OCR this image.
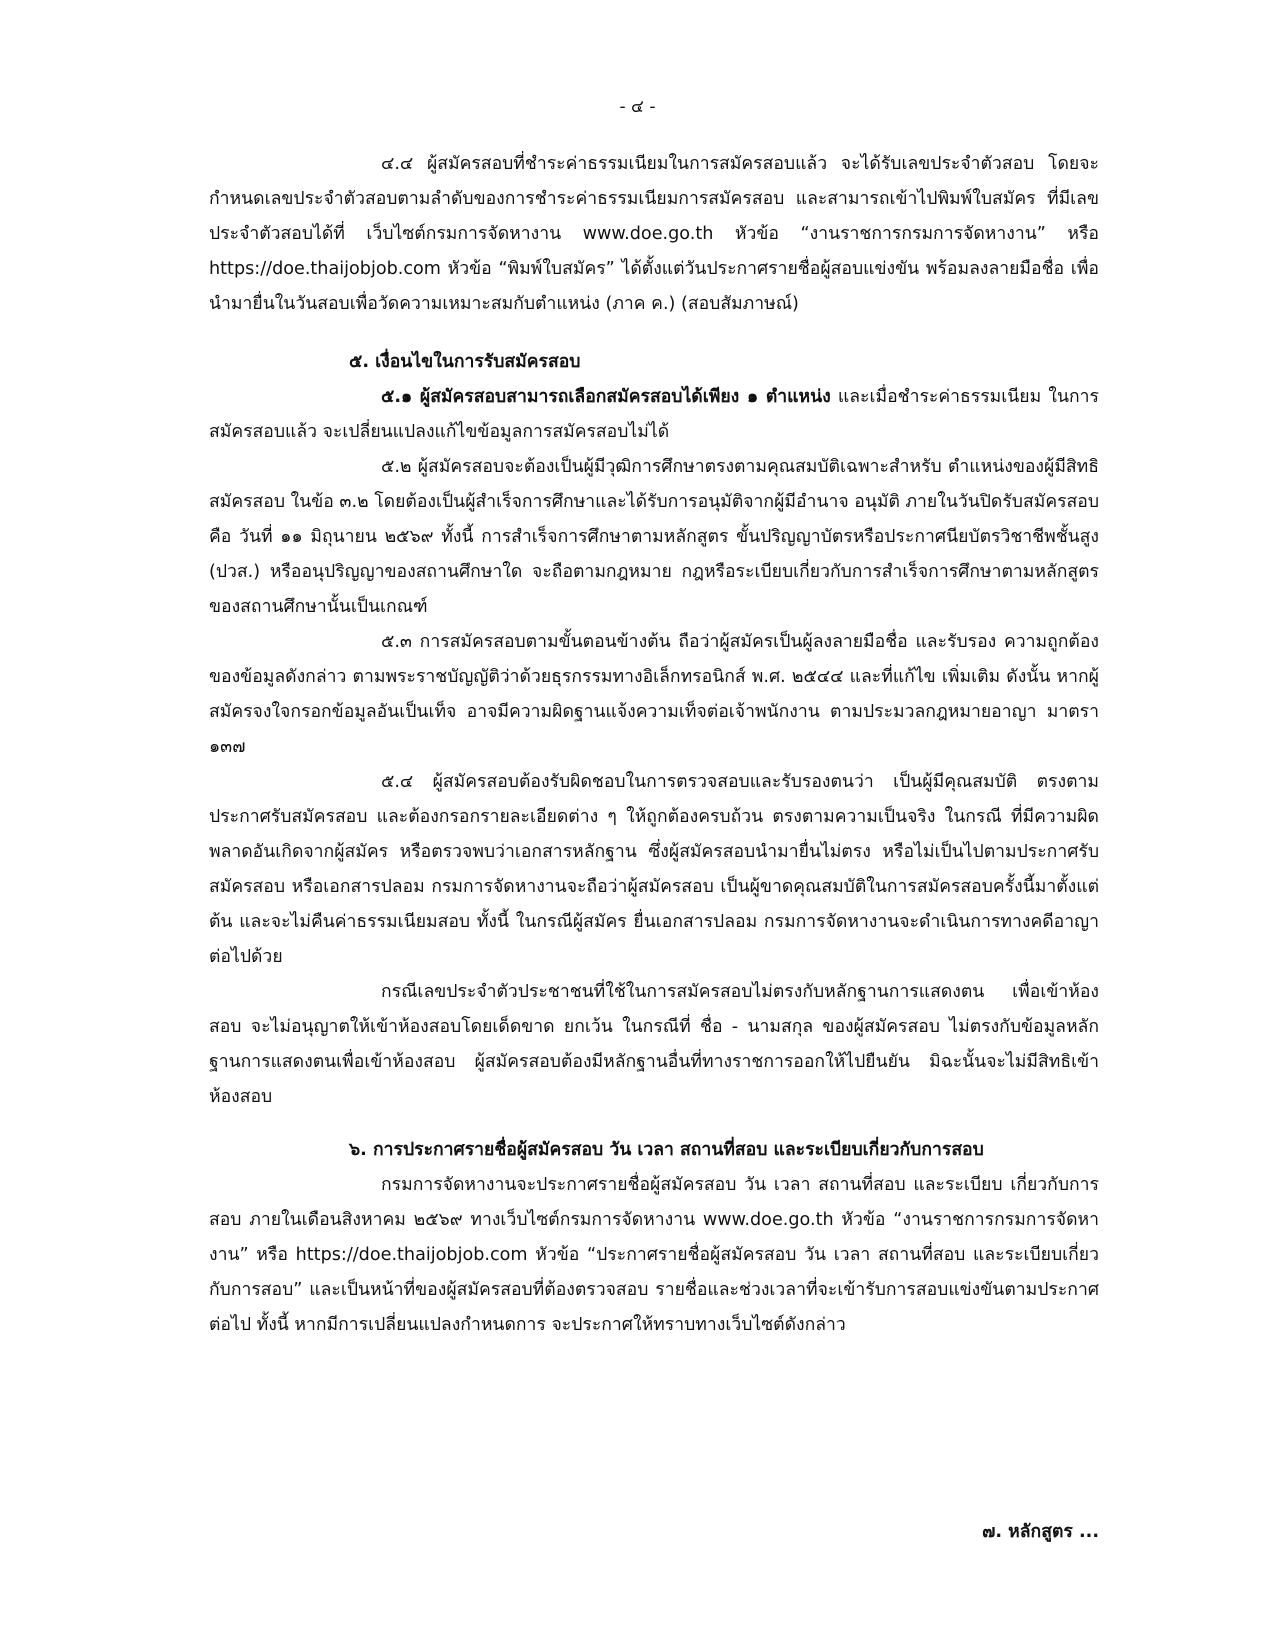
- ๔ -

๔.๔ ผู้สมัครสอบที่ชำระค่าธรรมเนียมในการสมัครสอบแล้ว จะได้รับเลขประจำตัวสอบ โดยจะกำหนดเลขประจำตัวสอบตามลำดับของการชำระค่าธรรมเนียมการสมัครสอบ และสามารถเข้าไปพิมพ์ใบสมัคร ที่มีเลขประจำตัวสอบได้ที่ เว็บไซต์กรมการจัดหางาน www.doe.go.th หัวข้อ “งานราชการกรมการจัดหางาน” หรือ https://doe.thaijobjob.com หัวข้อ “พิมพ์ใบสมัคร” ได้ตั้งแต่วันประกาศรายชื่อผู้สอบแข่งขัน พร้อมลงลายมือชื่อ เพื่อนำมายื่นในวันสอบเพื่อวัดความเหมาะสมกับตำแหน่ง (ภาค ค.) (สอบสัมภาษณ์)

๕. เงื่อนไขในการรับสมัครสอบ

๕.๑ ผู้สมัครสอบสามารถเลือกสมัครสอบได้เพียง ๑ ตำแหน่ง และเมื่อชำระค่าธรรมเนียม ในการสมัครสอบแล้ว จะเปลี่ยนแปลงแก้ไขข้อมูลการสมัครสอบไม่ได้

๕.๒ ผู้สมัครสอบจะต้องเป็นผู้มีวุฒิการศึกษาตรงตามคุณสมบัติเฉพาะสำหรับ ตำแหน่งของผู้มีสิทธิสมัครสอบ ในข้อ ๓.๒ โดยต้องเป็นผู้สำเร็จการศึกษาและได้รับการอนุมัติจากผู้มีอำนาจ อนุมัติ ภายในวันปิดรับสมัครสอบ คือ วันที่ ๑๑ มิถุนายน ๒๕๖๙ ทั้งนี้ การสำเร็จการศึกษาตามหลักสูตร ขั้นปริญญาบัตรหรือประกาศนียบัตรวิชาชีพชั้นสูง (ปวส.) หรืออนุปริญญาของสถานศึกษาใด จะถือตามกฎหมาย กฎหรือระเบียบเกี่ยวกับการสำเร็จการศึกษาตามหลักสูตรของสถานศึกษานั้นเป็นเกณฑ์

๕.๓ การสมัครสอบตามขั้นตอนข้างต้น ถือว่าผู้สมัครเป็นผู้ลงลายมือชื่อ และรับรอง ความถูกต้องของข้อมูลดังกล่าว ตามพระราชบัญญัติว่าด้วยธุรกรรมทางอิเล็กทรอนิกส์ พ.ศ. ๒๕๔๔ และที่แก้ไข เพิ่มเติม ดังนั้น หากผู้สมัครจงใจกรอกข้อมูลอันเป็นเท็จ อาจมีความผิดฐานแจ้งความเท็จต่อเจ้าพนักงาน ตามประมวลกฎหมายอาญา มาตรา ๑๓๗

๕.๔ ผู้สมัครสอบต้องรับผิดชอบในการตรวจสอบและรับรองตนว่า เป็นผู้มีคุณสมบัติ ตรงตามประกาศรับสมัครสอบ และต้องกรอกรายละเอียดต่าง ๆ ให้ถูกต้องครบถ้วน ตรงตามความเป็นจริง ในกรณี ที่มีความผิดพลาดอันเกิดจากผู้สมัคร หรือตรวจพบว่าเอกสารหลักฐาน ซึ่งผู้สมัครสอบนำมายื่นไม่ตรง หรือไม่เป็นไปตามประกาศรับสมัครสอบ หรือเอกสารปลอม กรมการจัดหางานจะถือว่าผู้สมัครสอบ เป็นผู้ขาดคุณสมบัติในการสมัครสอบครั้งนี้มาตั้งแต่ต้น และจะไม่คืนค่าธรรมเนียมสอบ ทั้งนี้ ในกรณีผู้สมัคร ยื่นเอกสารปลอม กรมการจัดหางานจะดำเนินการทางคดีอาญาต่อไปด้วย

กรณีเลขประจำตัวประชาชนที่ใช้ในการสมัครสอบไม่ตรงกับหลักฐานการแสดงตน เพื่อเข้าห้องสอบ จะไม่อนุญาตให้เข้าห้องสอบโดยเด็ดขาด ยกเว้น ในกรณีที่ ชื่อ - นามสกุล ของผู้สมัครสอบ ไม่ตรงกับข้อมูลหลักฐานการแสดงตนเพื่อเข้าห้องสอบ ผู้สมัครสอบต้องมีหลักฐานอื่นที่ทางราชการออกให้ไปยืนยัน มิฉะนั้นจะไม่มีสิทธิเข้าห้องสอบ

๖. การประกาศรายชื่อผู้สมัครสอบ วัน เวลา สถานที่สอบ และระเบียบเกี่ยวกับการสอบ

กรมการจัดหางานจะประกาศรายชื่อผู้สมัครสอบ วัน เวลา สถานที่สอบ และระเบียบ เกี่ยวกับการสอบ ภายในเดือนสิงหาคม ๒๕๖๙ ทางเว็บไซต์กรมการจัดหางาน www.doe.go.th หัวข้อ “งานราชการกรมการจัดหางาน” หรือ https://doe.thaijobjob.com หัวข้อ “ประกาศรายชื่อผู้สมัครสอบ วัน เวลา สถานที่สอบ และระเบียบเกี่ยวกับการสอบ” และเป็นหน้าที่ของผู้สมัครสอบที่ต้องตรวจสอบ รายชื่อและช่วงเวลาที่จะเข้ารับการสอบแข่งขันตามประกาศต่อไป ทั้งนี้ หากมีการเปลี่ยนแปลงกำหนดการ จะประกาศให้ทราบทางเว็บไซต์ดังกล่าว

๗. หลักสูตร ...
